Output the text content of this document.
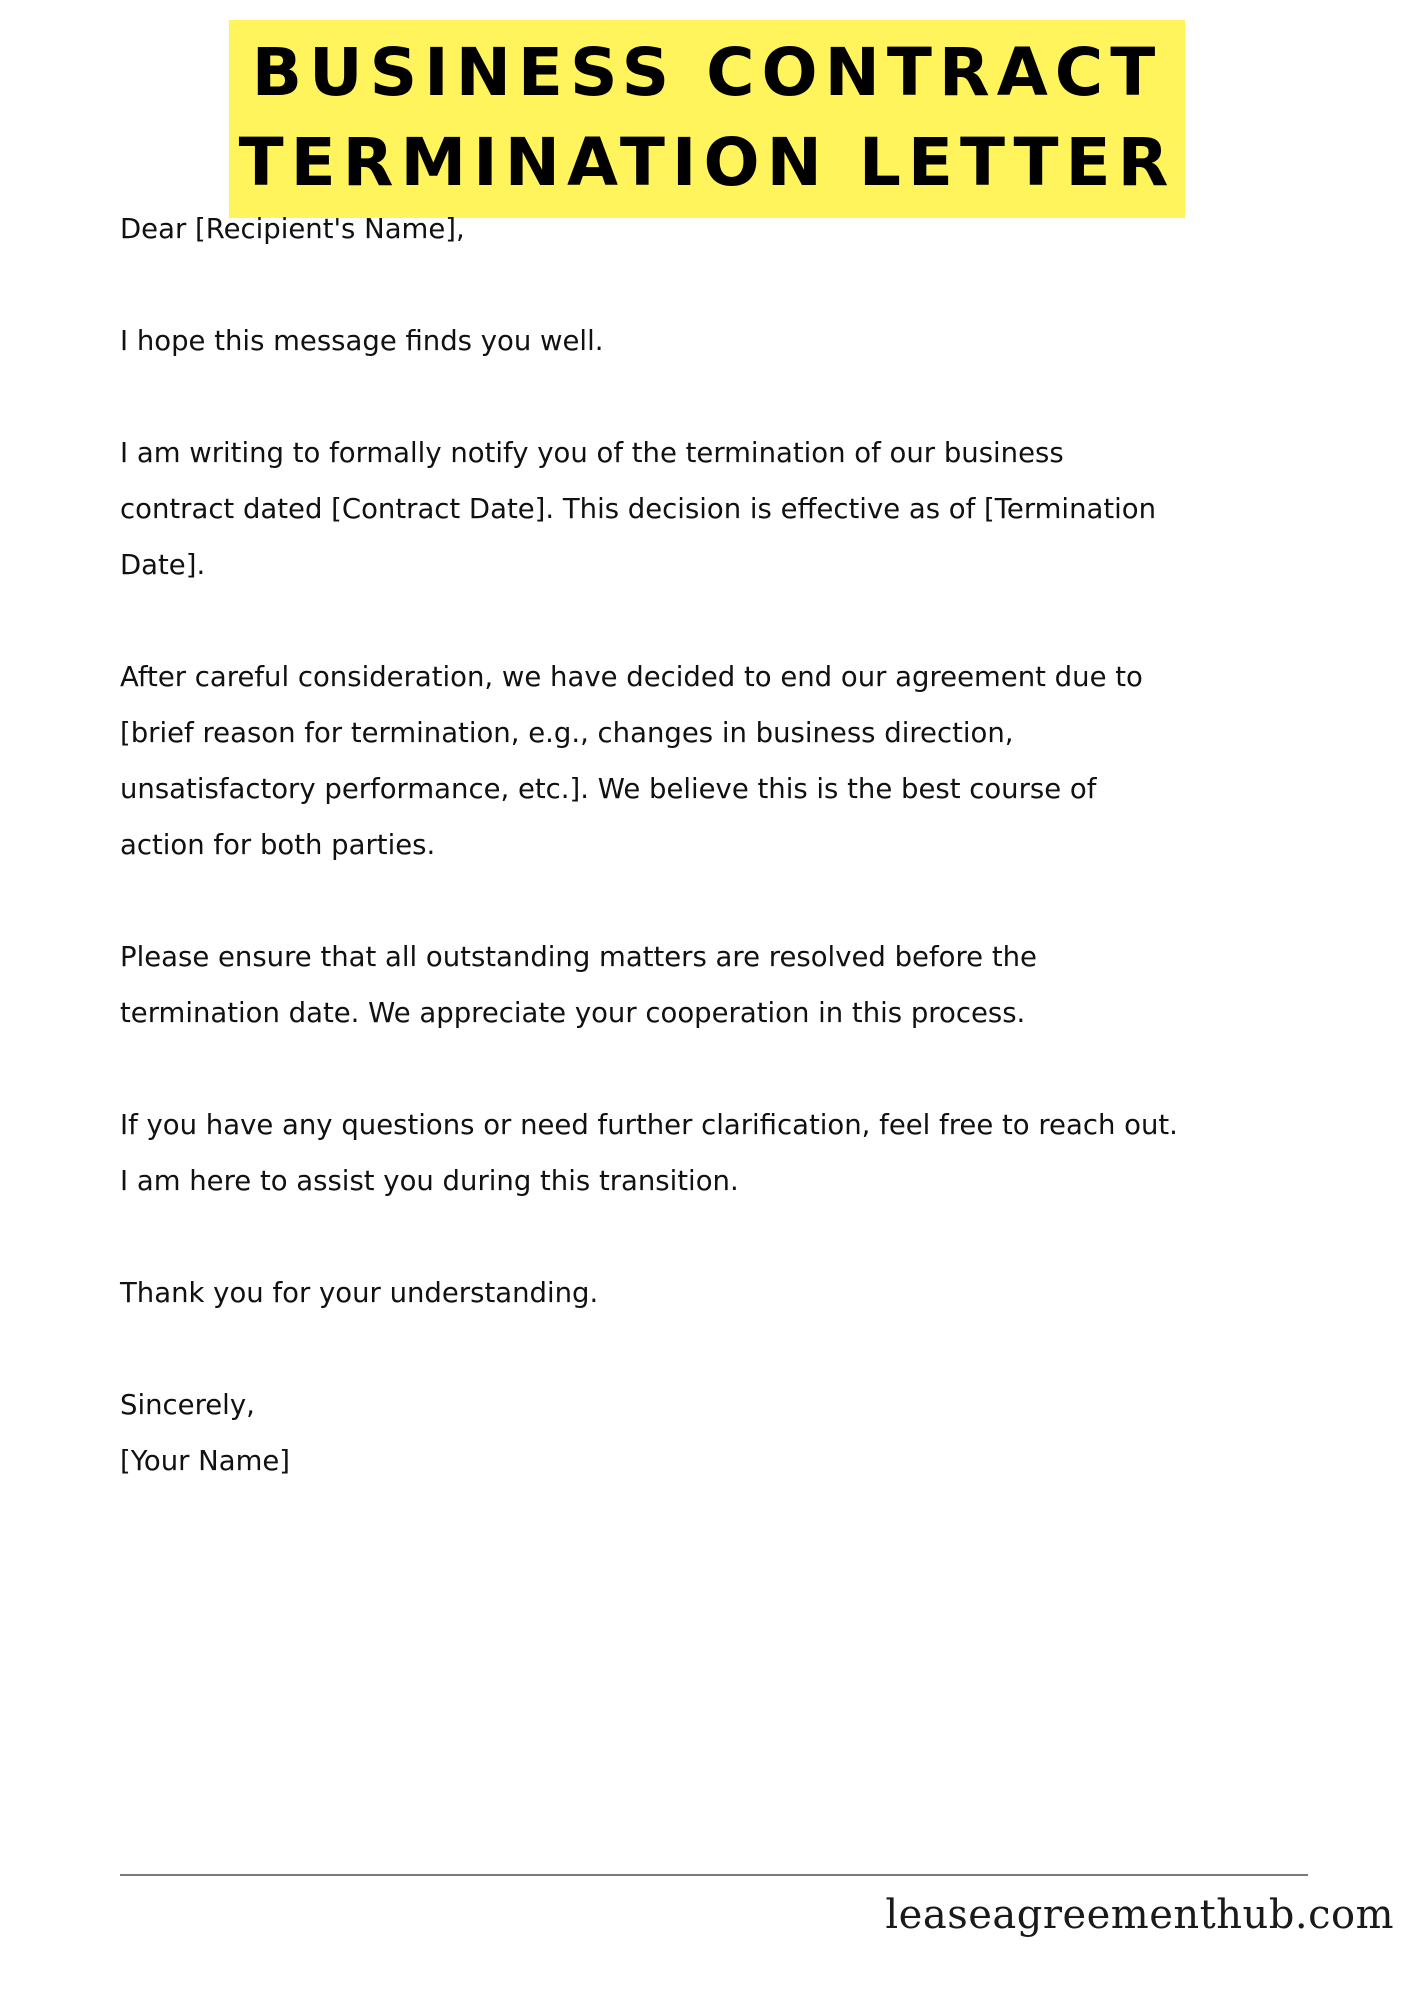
BUSINESS CONTRACT
TERMINATION LETTER

Dear [Recipient's Name],

I hope this message finds you well.

I am writing to formally notify you of the termination of our business
contract dated [Contract Date]. This decision is effective as of [Termination
Date].

After careful consideration, we have decided to end our agreement due to
[brief reason for termination, e.g., changes in business direction,
unsatisfactory performance, etc.]. We believe this is the best course of
action for both parties.

Please ensure that all outstanding matters are resolved before the
termination date. We appreciate your cooperation in this process.

If you have any questions or need further clarification, feel free to reach out.
I am here to assist you during this transition.

Thank you for your understanding.

Sincerely,
[Your Name]

leaseagreementhub.com
